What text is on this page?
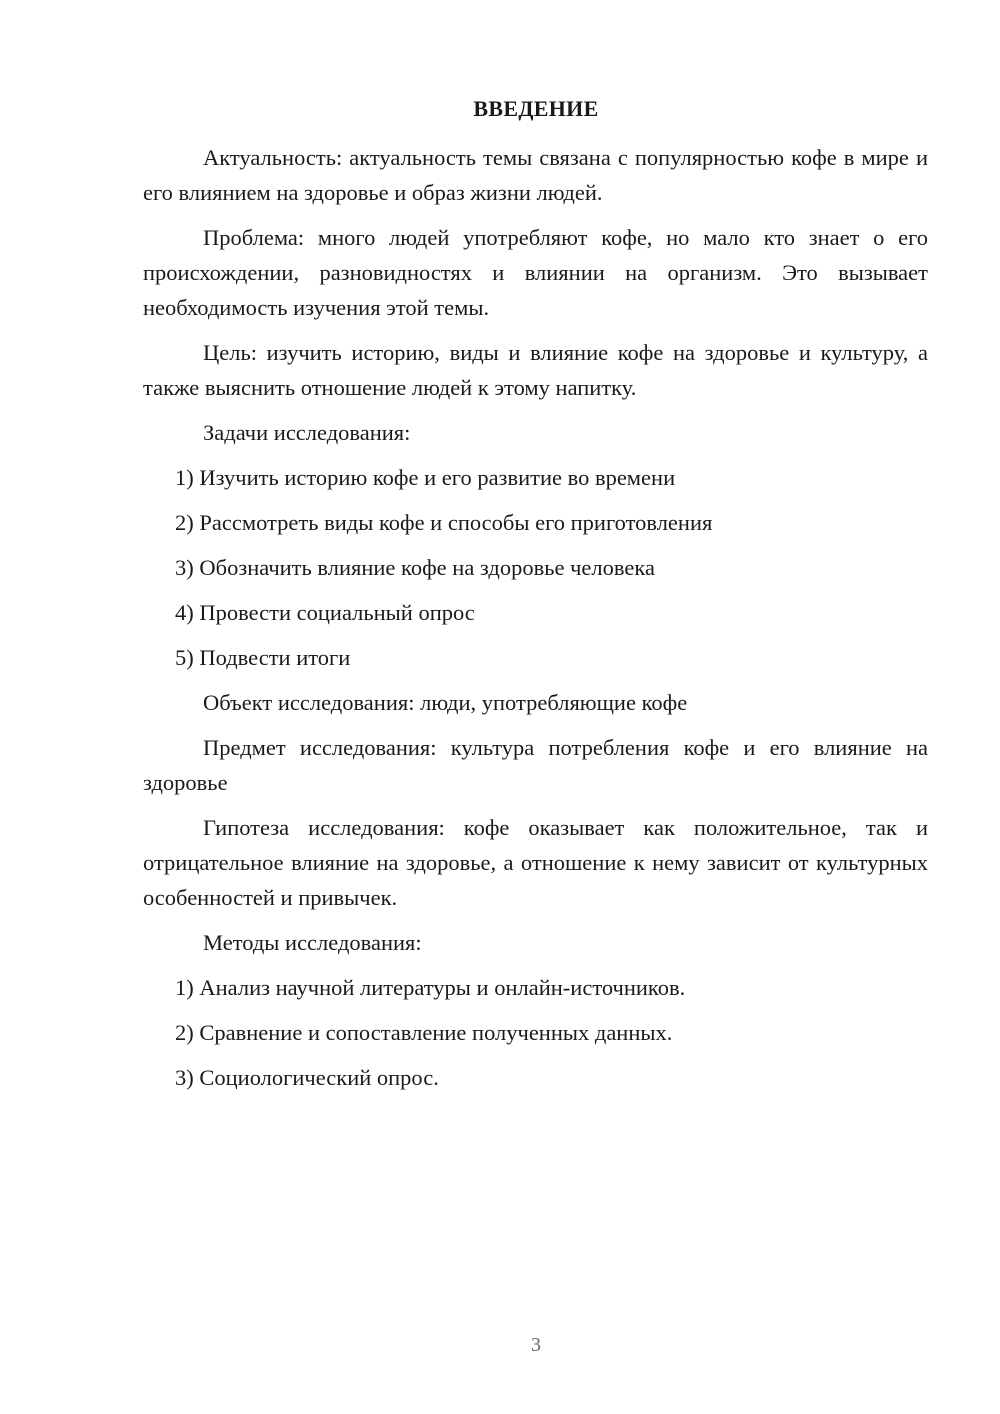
ВВЕДЕНИЕ

Актуальность: актуальность темы связана с популярностью кофе в мире и его влиянием на здоровье и образ жизни людей.

Проблема: много людей употребляют кофе, но мало кто знает о его происхождении, разновидностях и влиянии на организм. Это вызывает необходимость изучения этой темы.

Цель: изучить историю, виды и влияние кофе на здоровье и культуру, а также выяснить отношение людей к этому напитку.

Задачи исследования:

1) Изучить историю кофе и его развитие во времени

2) Рассмотреть виды кофе и способы его приготовления

3) Обозначить влияние кофе на здоровье человека

4) Провести социальный опрос

5) Подвести итоги

Объект исследования: люди, употребляющие кофе

Предмет исследования: культура потребления кофе и его влияние на здоровье

Гипотеза исследования: кофе оказывает как положительное, так и отрицательное влияние на здоровье, а отношение к нему зависит от культурных особенностей и привычек.

Методы исследования:

1) Анализ научной литературы и онлайн-источников.

2) Сравнение и сопоставление полученных данных.

3) Социологический опрос.

3
